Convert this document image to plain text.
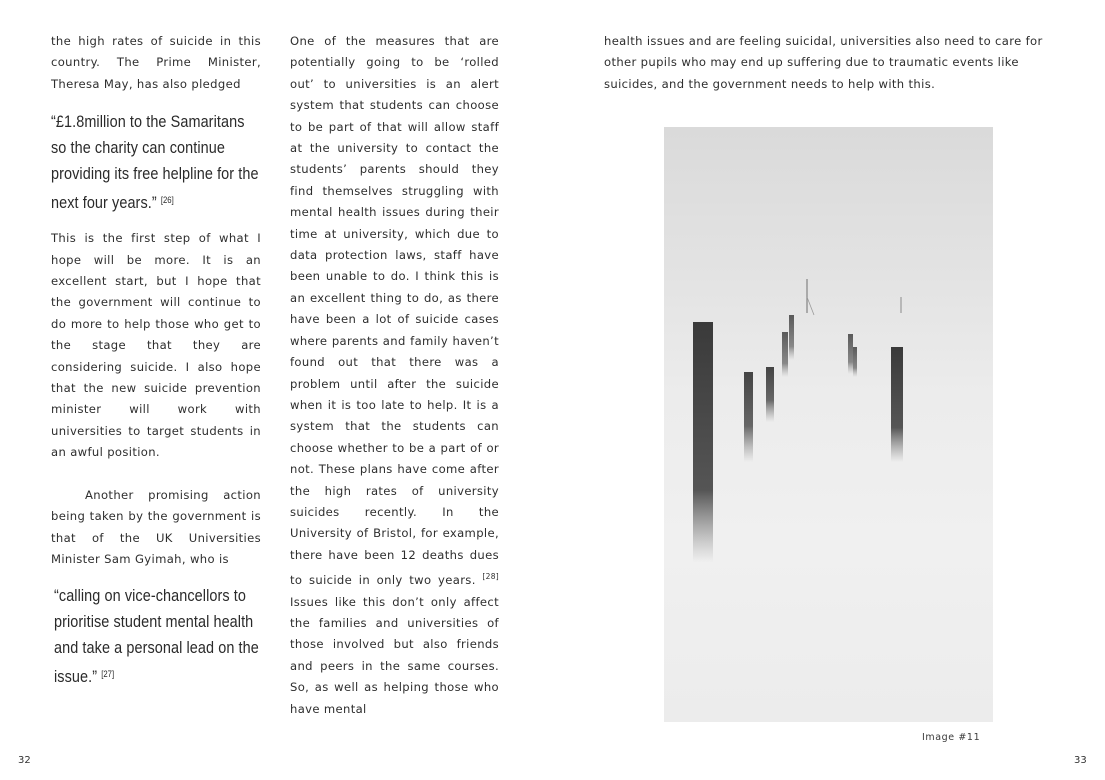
the high rates of suicide in this country. The Prime Minister, Theresa May, has also pledged

“£1.8million to the Samaritans so the charity can continue providing its free helpline for the next four years.” [26]

This is the first step of what I hope will be more. It is an excellent start, but I hope that the government will continue to do more to help those who get to the stage that they are considering suicide. I also hope that the new suicide prevention minister will work with universities to target students in an awful position.

Another promising action being taken by the government is that of the UK Universities Minister Sam Gyimah, who is

“calling on vice-chancellors to prioritise student mental health and take a personal lead on the issue.” [27]

One of the measures that are potentially going to be ‘rolled out’ to universities is an alert system that students can choose to be part of that will allow staff at the university to contact the students’ parents should they find themselves struggling with mental health issues during their time at university, which due to data protection laws, staff have been unable to do. I think this is an excellent thing to do, as there have been a lot of suicide cases where parents and family haven’t found out that there was a problem until after the suicide when it is too late to help. It is a system that the students can choose whether to be a part of or not. These plans have come after the high rates of university suicides recently. In the University of Bristol, for example, there have been 12 deaths dues to suicide in only two years. [28] Issues like this don’t only affect the families and universities of those involved but also friends and peers in the same courses. So, as well as helping those who have mental

32

health issues and are feeling suicidal, universities also need to care for other pupils who may end up suffering due to traumatic events like suicides, and the government needs to help with this.

Image #11
33
